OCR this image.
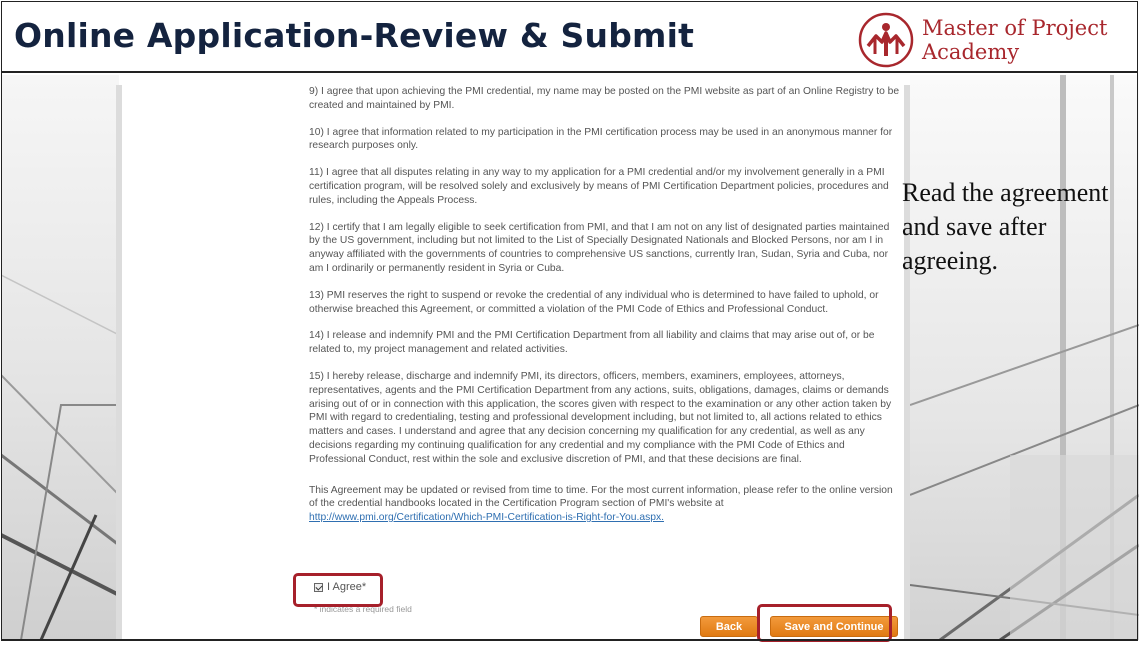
Online Application-Review & Submit	Master of Project
Academy

9) I agree that upon achieving the PMI credential, my name may be posted on the PMI website as part of an Online Registry to be created and maintained by PMI.

10) I agree that information related to my participation in the PMI certification process may be used in an anonymous manner for research purposes only.

11) I agree that all disputes relating in any way to my application for a PMI credential and/or my involvement generally in a PMI certification program, will be resolved solely and exclusively by means of PMI Certification Department policies, procedures and rules, including the Appeals Process.

12) I certify that I am legally eligible to seek certification from PMI, and that I am not on any list of designated parties maintained by the US government, including but not limited to the List of Specially Designated Nationals and Blocked Persons, nor am I in anyway affiliated with the governments of countries to comprehensive US sanctions, currently Iran, Sudan, Syria and Cuba, nor am I ordinarily or permanently resident in Syria or Cuba.

13) PMI reserves the right to suspend or revoke the credential of any individual who is determined to have failed to uphold, or otherwise breached this Agreement, or committed a violation of the PMI Code of Ethics and Professional Conduct.

14) I release and indemnify PMI and the PMI Certification Department from all liability and claims that may arise out of, or be related to, my project management and related activities.

15) I hereby release, discharge and indemnify PMI, its directors, officers, members, examiners, employees, attorneys, representatives, agents and the PMI Certification Department from any actions, suits, obligations, damages, claims or demands arising out of or in connection with this application, the scores given with respect to the examination or any other action taken by PMI with regard to credentialing, testing and professional development including, but not limited to, all actions related to ethics matters and cases. I understand and agree that any decision concerning my qualification for any credential, as well as any decisions regarding my continuing qualification for any credential and my compliance with the PMI Code of Ethics and Professional Conduct, rest within the sole and exclusive discretion of PMI, and that these decisions are final.

This Agreement may be updated or revised from time to time. For the most current information, please refer to the online version of the credential handbooks located in the Certification Program section of PMI's website at http://www.pmi.org/Certification/Which-PMI-Certification-is-Right-for-You.aspx.

I Agree*
* indicates a required field
Back	Save and Continue
Read the agreement and save after agreeing.
